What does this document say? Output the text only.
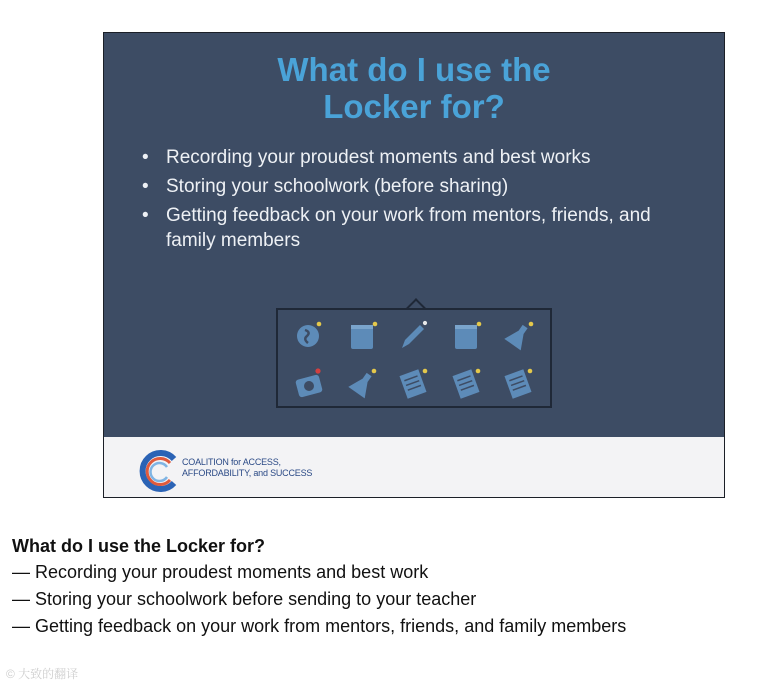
What do I use the
Locker for?
• Recording your proudest moments and best works
• Storing your schoolwork (before sharing)
• Getting feedback on your work from mentors, friends, and family members
COALITION for ACCESS,
AFFORDABILITY, and SUCCESS
What do I use the Locker for?
— Recording your proudest moments and best work
— Storing your schoolwork before sending to your teacher
— Getting feedback on your work from mentors, friends, and family members
© 大致的翻译
